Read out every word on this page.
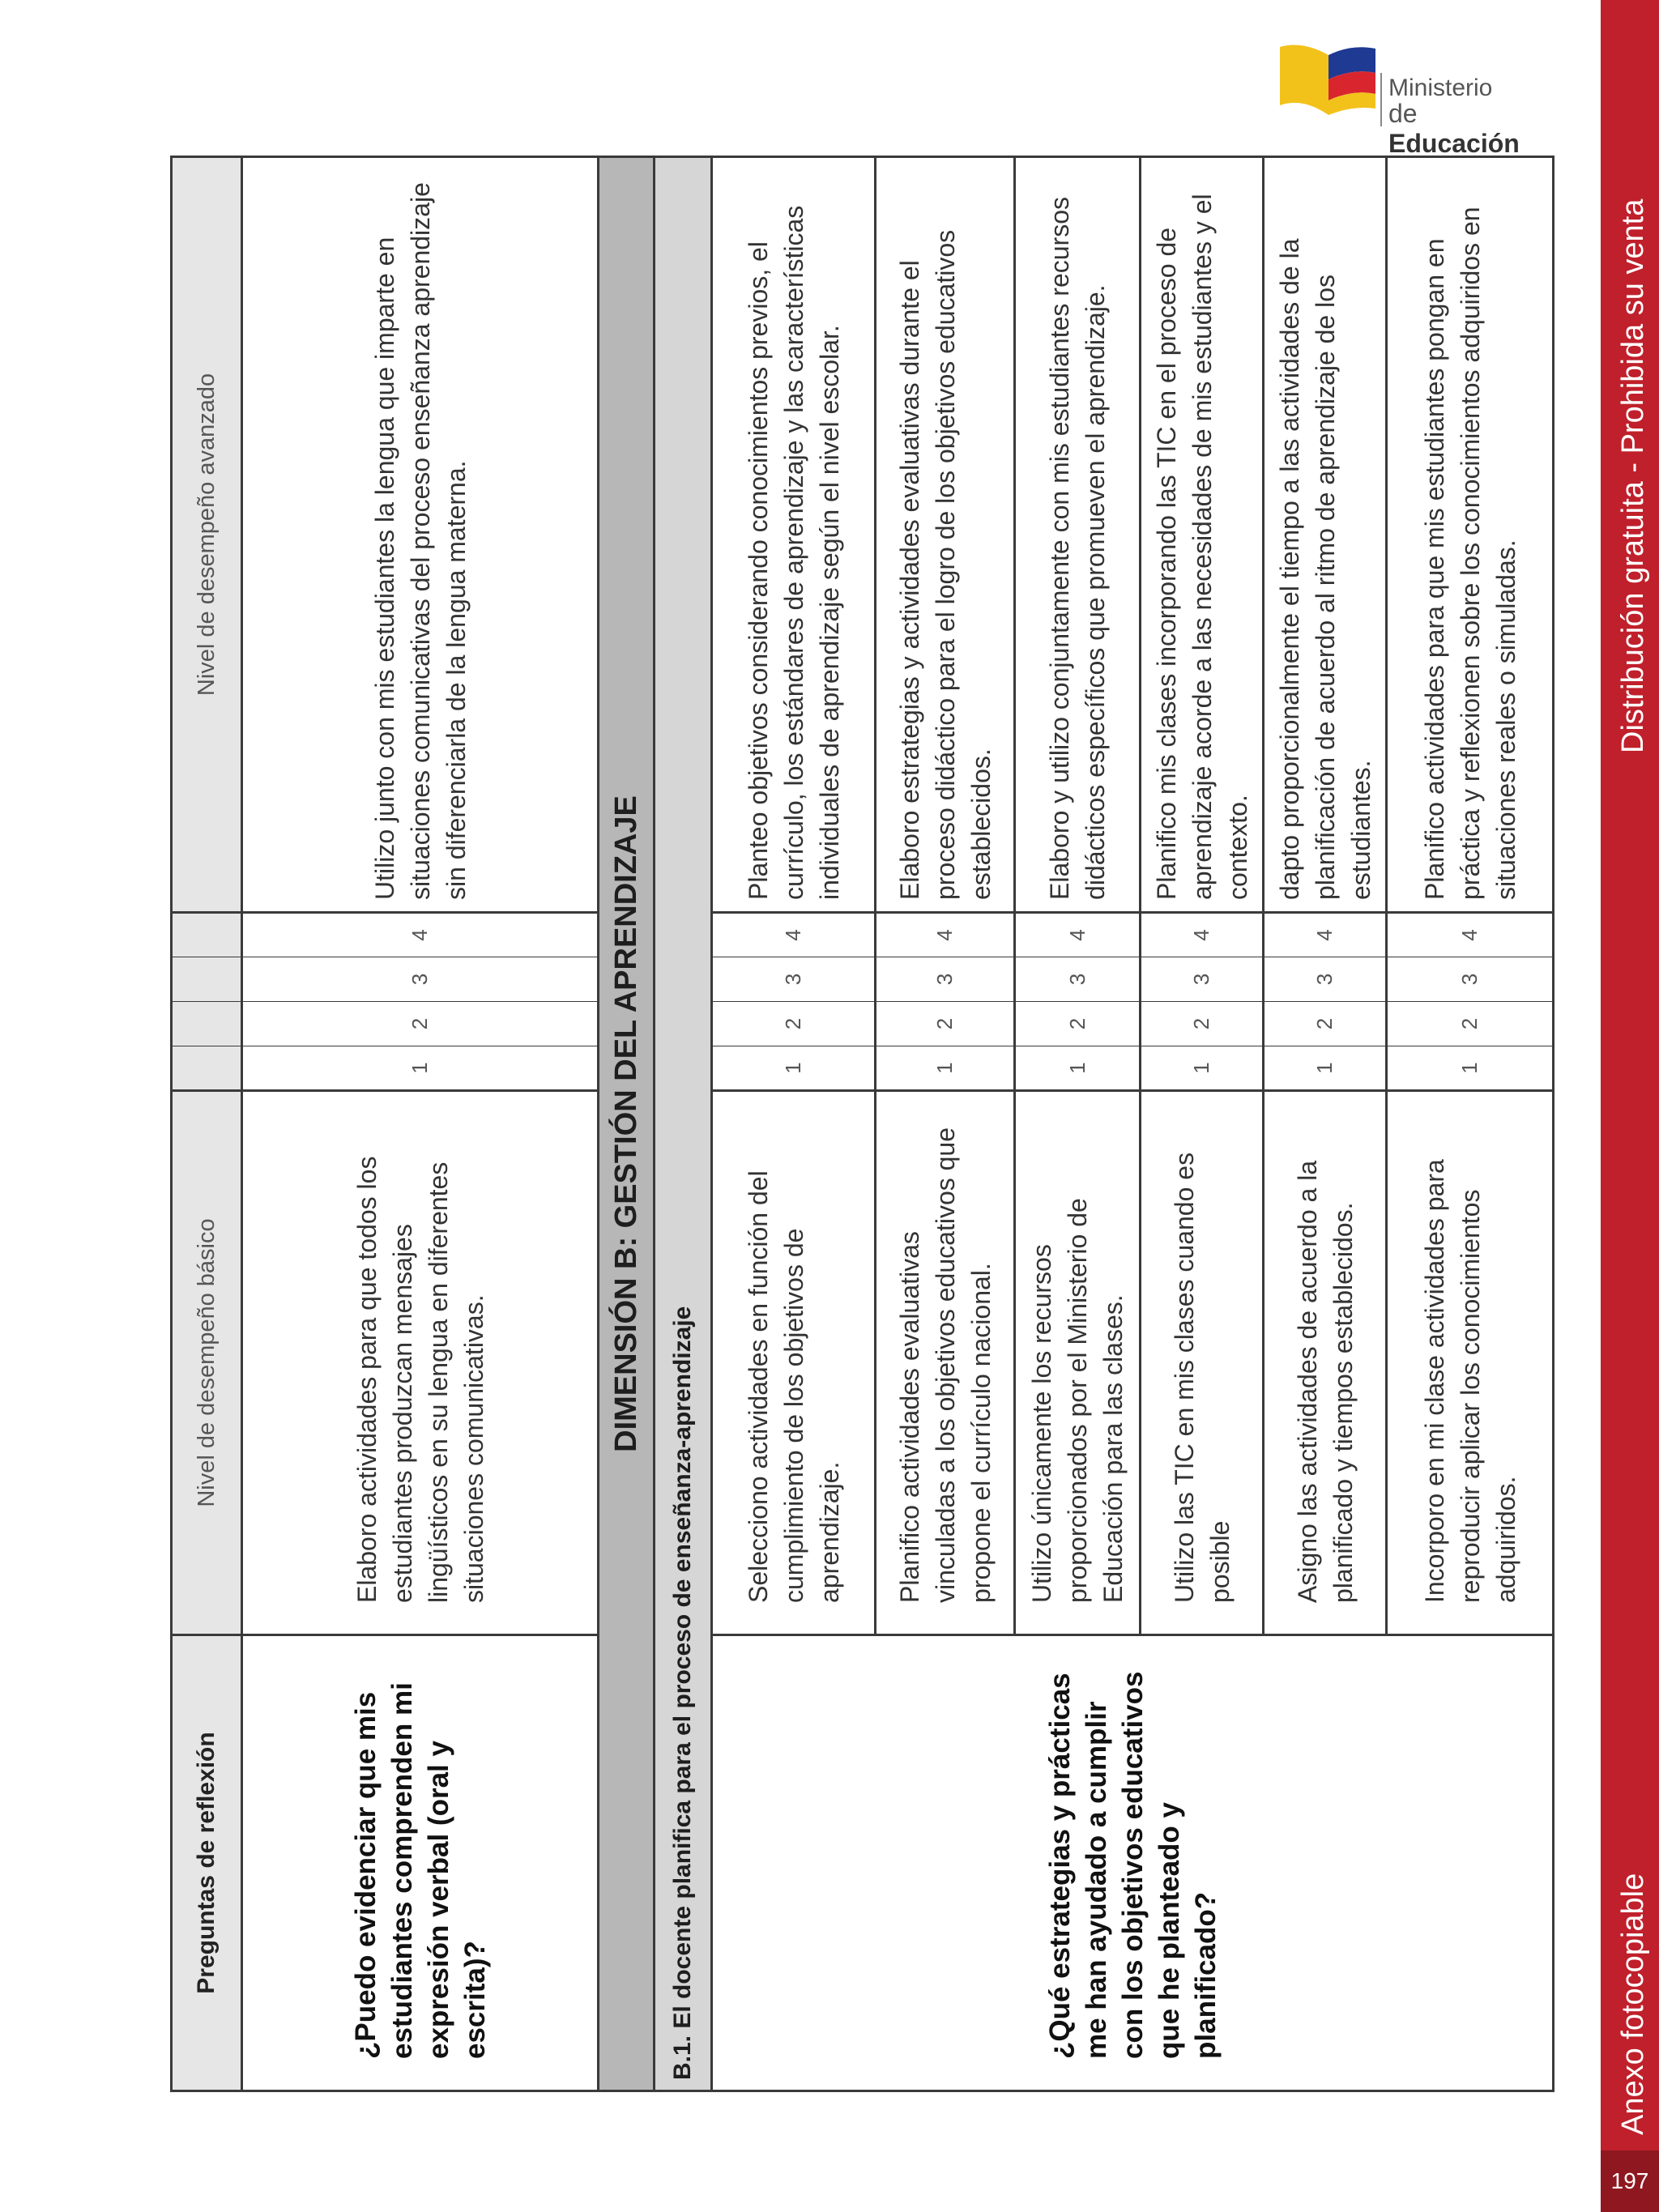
Ministerio
de Educación
Distribución gratuita - Prohibida su venta
Anexo fotocopiable
197
Preguntas de reflexión	Nivel de desempeño básico					Nivel de desempeño avanzado
¿Puedo evidenciar que mis estudiantes comprenden mi expresión verbal (oral y escrita)?	Elaboro actividades para que todos los estudiantes produzcan mensajes lingüísticos en su lengua en diferentes situaciones comunicativas.	1	2	3	4	Utilizo junto con mis estudiantes la lengua que imparte en situaciones comunicativas del proceso enseñanza aprendizaje sin diferenciarla de la lengua materna.
DIMENSIÓN B: GESTIÓN DEL APRENDIZAJE						
B.1. El docente planifica para el proceso de enseñanza-aprendizaje						
¿Qué estrategias y prácticas me han ayudado a cumplir con los objetivos educativos que he planteado y planificado?	Selecciono actividades en función del cumplimiento de los objetivos de aprendizaje.	1	2	3	4	Planteo objetivos considerando conocimientos previos, el currículo, los estándares de aprendizaje y las características individuales de aprendizaje según el nivel escolar.
	Planifico actividades evaluativas vinculadas a los objetivos educativos que propone el currículo nacional.	1	2	3	4	Elaboro estrategias y actividades evaluativas durante el proceso didáctico para el logro de los objetivos educativos establecidos.
	Utilizo únicamente los recursos proporcionados por el Ministerio de Educación para las clases.	1	2	3	4	Elaboro y utilizo conjuntamente con mis estudiantes recursos didácticos específicos que promueven el aprendizaje.
	Utilizo las TIC en mis clases cuando es posible	1	2	3	4	Planifico mis clases incorporando las TIC en el proceso de aprendizaje acorde a las necesidades de mis estudiantes y el contexto.
	Asigno las actividades de acuerdo a la planificado y tiempos establecidos.	1	2	3	4	dapto proporcionalmente el tiempo a las actividades de la planificación de acuerdo al ritmo de aprendizaje de los estudiantes.
	Incorporo en mi clase actividades para reproducir aplicar los conocimientos adquiridos.	1	2	3	4	Planifico actividades para que mis estudiantes pongan en práctica y reflexionen sobre los conocimientos adquiridos en situaciones reales o simuladas.
